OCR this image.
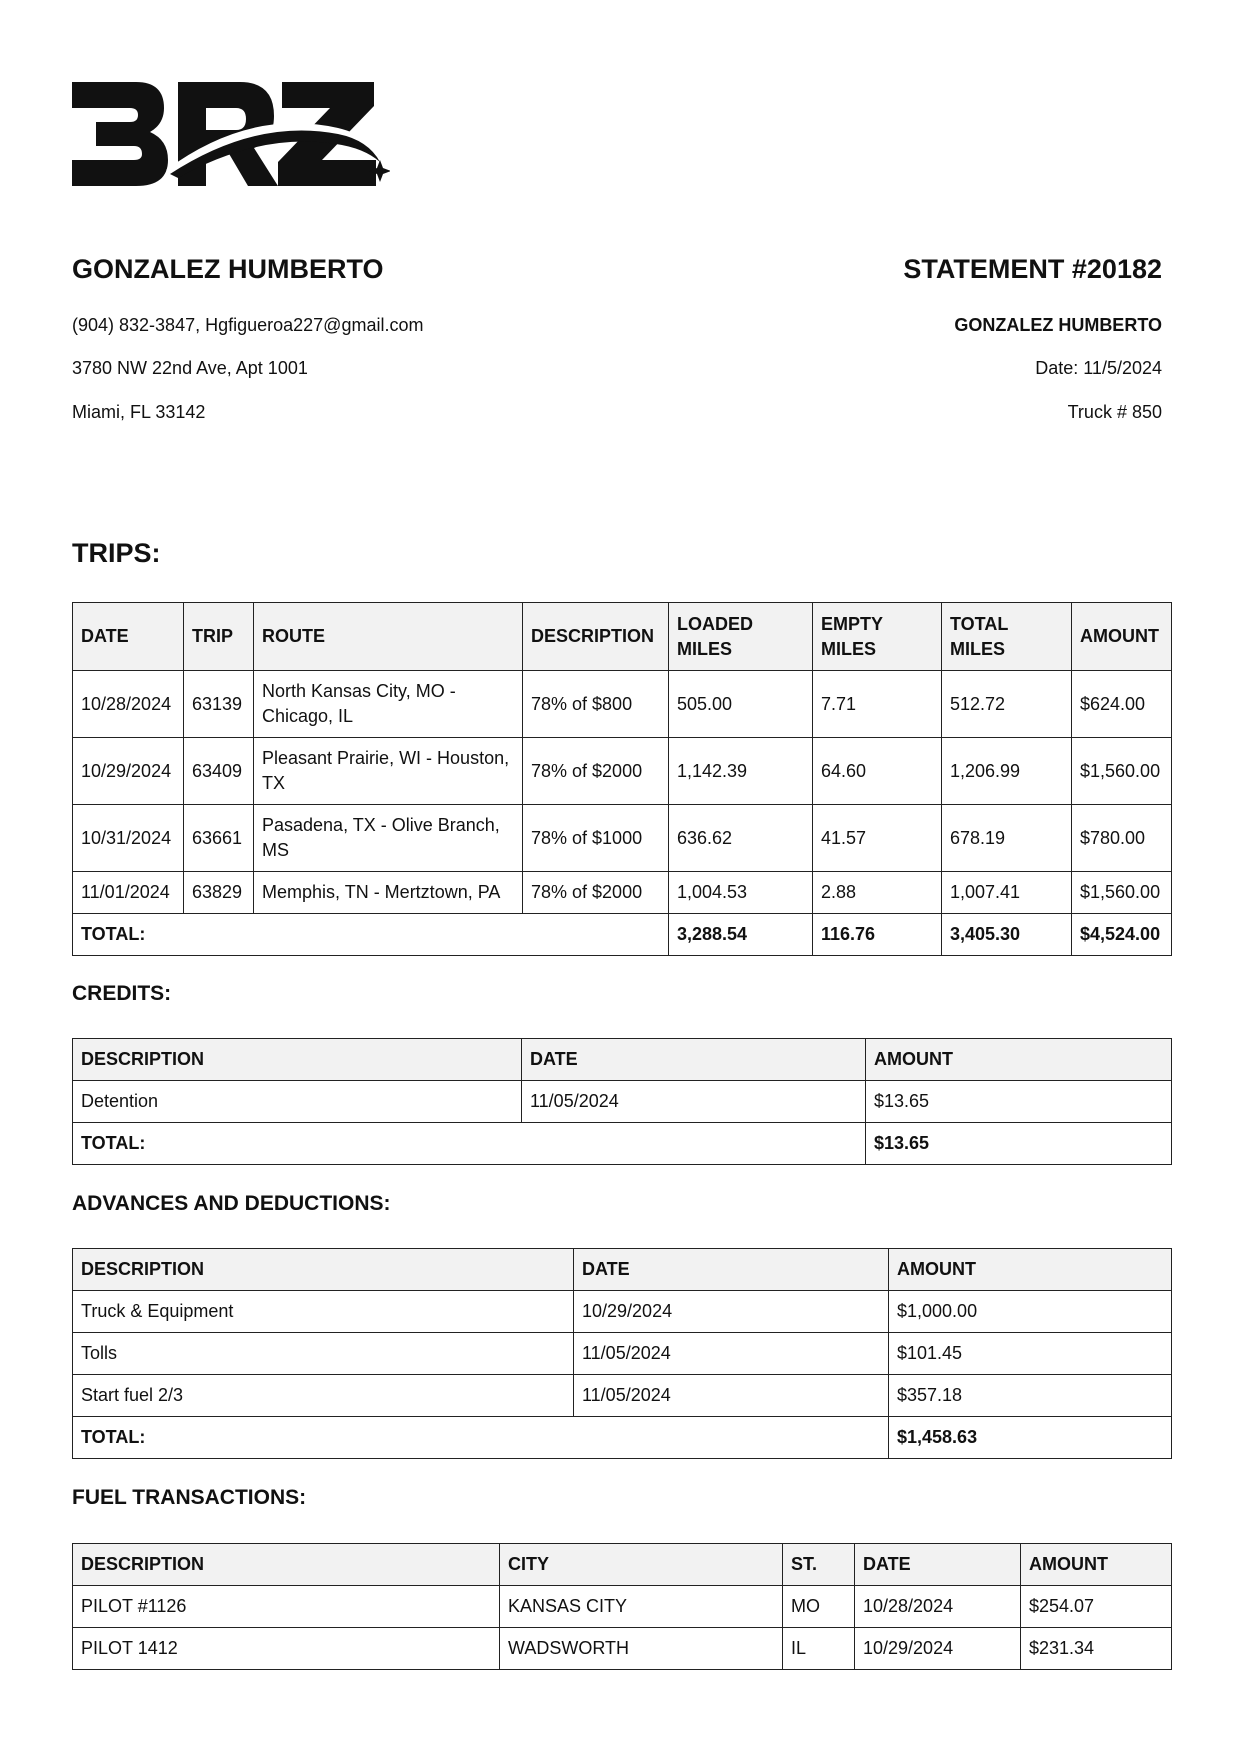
GONZALEZ HUMBERTO
(904) 832-3847, Hgfigueroa227@gmail.com
3780 NW 22nd Ave, Apt 1001
Miami, FL 33142
STATEMENT #20182
GONZALEZ HUMBERTO
Date: 11/5/2024
Truck # 850
TRIPS:
DATE	TRIP	ROUTE	DESCRIPTION	LOADED MILES	EMPTY MILES	TOTAL MILES	AMOUNT
10/28/2024	63139	North Kansas City, MO - Chicago, IL	78% of $800	505.00	7.71	512.72	$624.00
10/29/2024	63409	Pleasant Prairie, WI - Houston, TX	78% of $2000	1,142.39	64.60	1,206.99	$1,560.00
10/31/2024	63661	Pasadena, TX - Olive Branch, MS	78% of $1000	636.62	41.57	678.19	$780.00
11/01/2024	63829	Memphis, TN - Mertztown, PA	78% of $2000	1,004.53	2.88	1,007.41	$1,560.00
TOTAL:				3,288.54	116.76	3,405.30	$4,524.00
CREDITS:
DESCRIPTION	DATE	AMOUNT
Detention	11/05/2024	$13.65
TOTAL:		$13.65
ADVANCES AND DEDUCTIONS:
DESCRIPTION	DATE	AMOUNT
Truck & Equipment	10/29/2024	$1,000.00
Tolls	11/05/2024	$101.45
Start fuel 2/3	11/05/2024	$357.18
TOTAL:		$1,458.63
FUEL TRANSACTIONS:
DESCRIPTION	CITY	ST.	DATE	AMOUNT
PILOT #1126	KANSAS CITY	MO	10/28/2024	$254.07
PILOT 1412	WADSWORTH	IL	10/29/2024	$231.34
